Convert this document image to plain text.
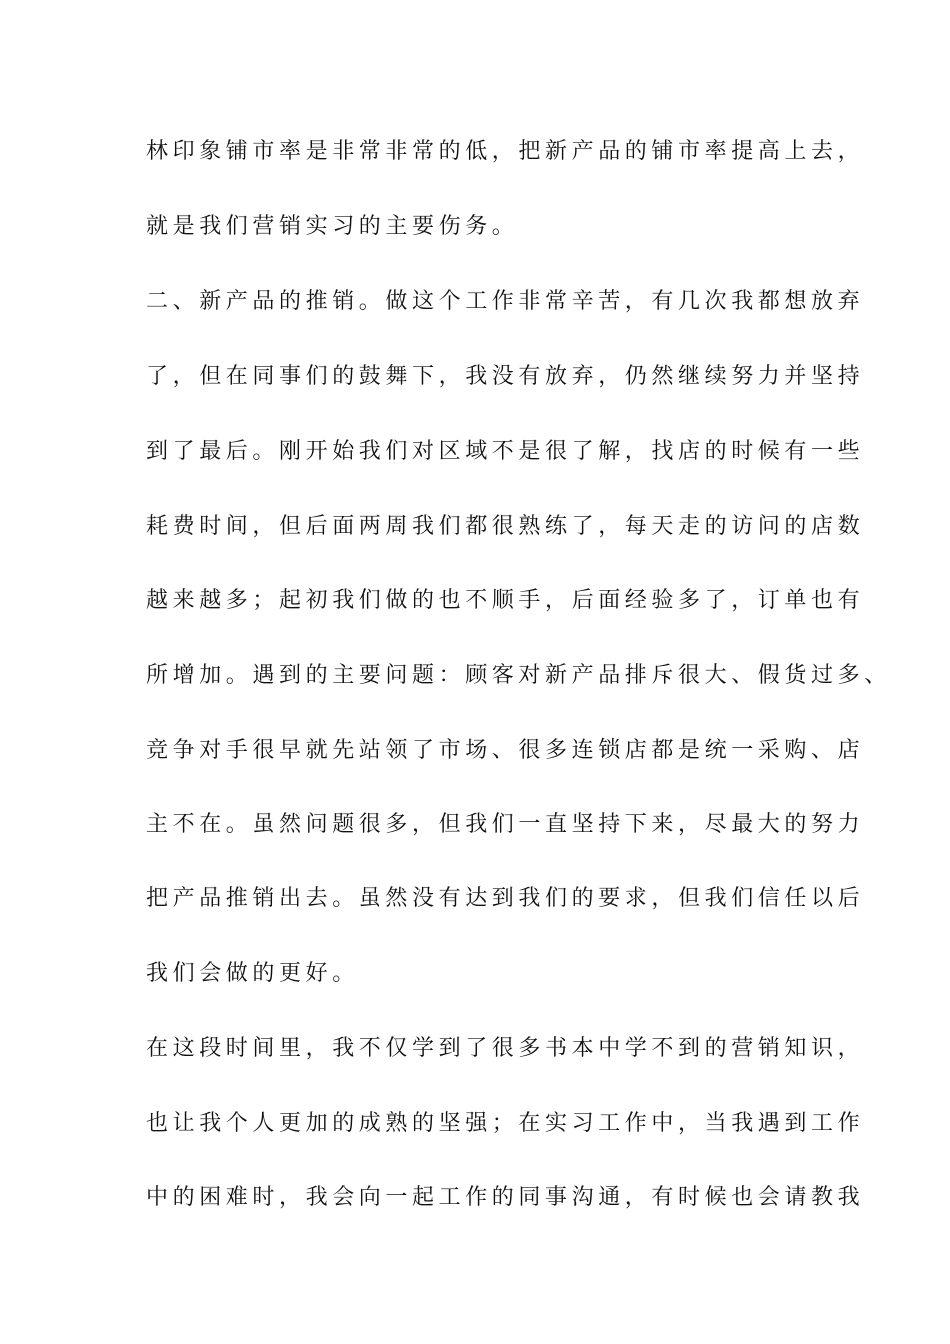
林印象铺市率是非常非常的低，把新产品的铺市率提高上去，
就是我们营销实习的主要伤务。
二、新产品的推销。做这个工作非常辛苦，有几次我都想放弃
了，但在同事们的鼓舞下，我没有放弃，仍然继续努力并坚持
到了最后。刚开始我们对区域不是很了解，找店的时候有一些
耗费时间，但后面两周我们都很熟练了，每天走的访问的店数
越来越多；起初我们做的也不顺手，后面经验多了，订单也有
所增加。遇到的主要问题：顾客对新产品排斥很大、假货过多、
竞争对手很早就先站领了市场、很多连锁店都是统一采购、店
主不在。虽然问题很多，但我们一直坚持下来，尽最大的努力
把产品推销出去。虽然没有达到我们的要求，但我们信任以后
我们会做的更好。
在这段时间里，我不仅学到了很多书本中学不到的营销知识，
也让我个人更加的成熟的坚强；在实习工作中，当我遇到工作
中的困难时，我会向一起工作的同事沟通，有时候也会请教我
